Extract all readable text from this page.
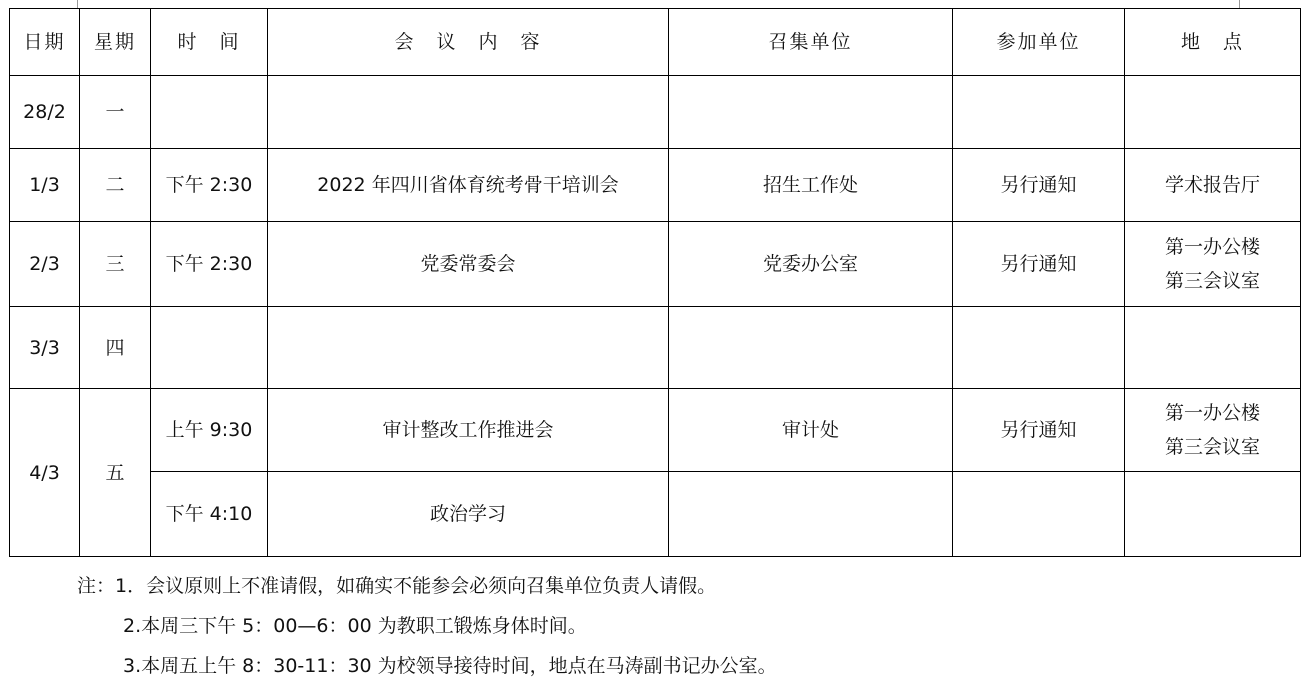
日期	星期	时　间	会　议　内　容	召集单位	参加单位	地　点
28/2	一					

1/3	二	下午 2:30	2022 年四川省体育统考骨干培训会	招生工作处	另行通知	学术报告厅

2/3	三	下午 2:30	党委常委会	党委办公室	另行通知	第一办公楼
第三会议室

3/3	四					

4/3	五	上午 9:30	审计整改工作推进会	审计处	另行通知	第一办公楼
第三会议室

		下午 4:10	政治学习			
注：1．会议原则上不准请假，如确实不能参会必须向召集单位负责人请假。
2.本周三下午 5：00—6：00 为教职工锻炼身体时间。
3.本周五上午 8：30-11：30 为校领导接待时间，地点在马涛副书记办公室。
